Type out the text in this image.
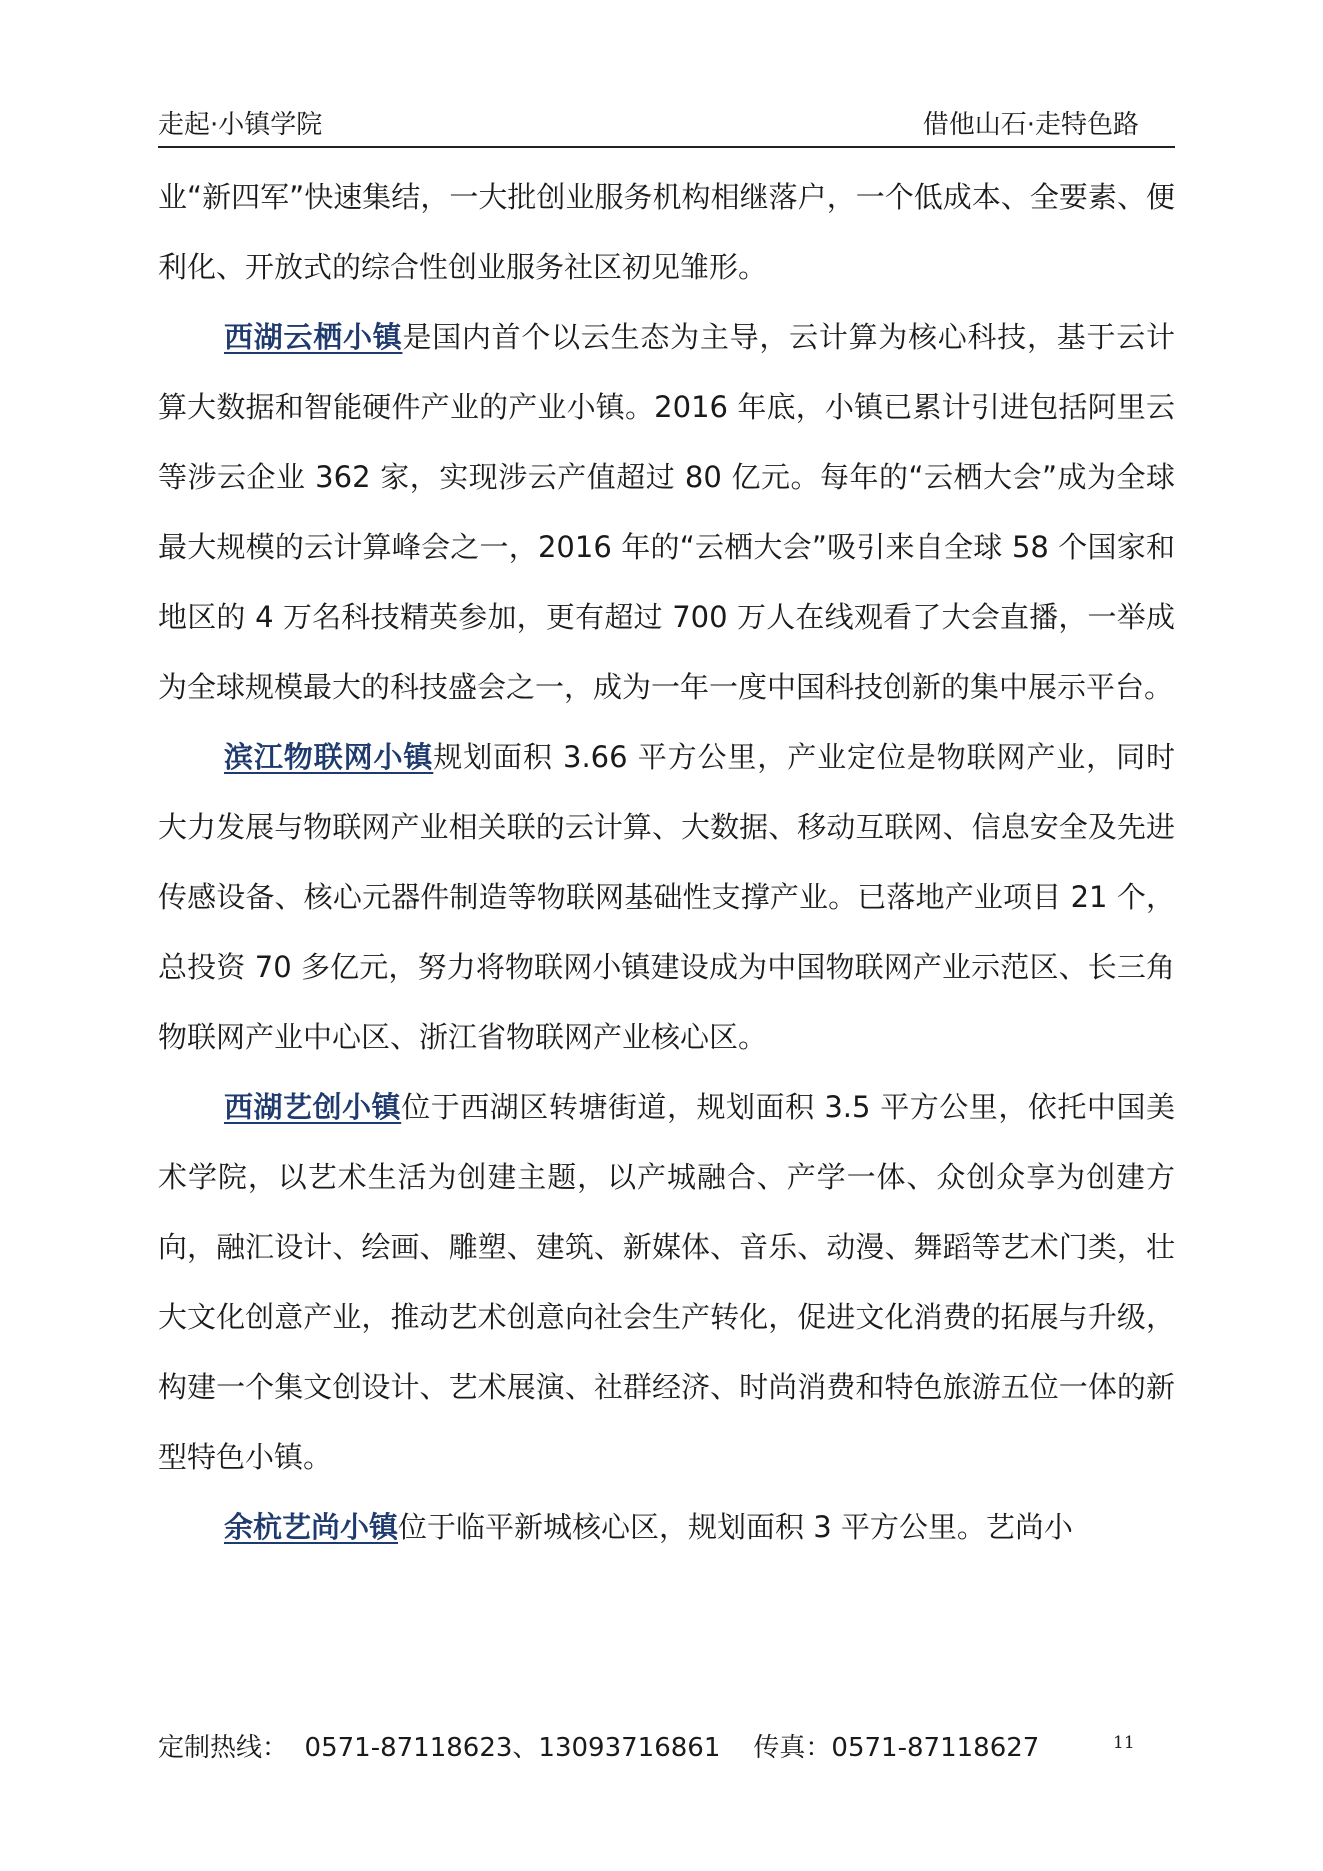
走起·小镇学院	借他山石·走特色路

业“新四军”快速集结，一大批创业服务机构相继落户，一个低成本、全要素、便利化、开放式的综合性创业服务社区初见雏形。

西湖云栖小镇是国内首个以云生态为主导，云计算为核心科技，基于云计算大数据和智能硬件产业的产业小镇。2016 年底，小镇已累计引进包括阿里云等涉云企业 362 家，实现涉云产值超过 80 亿元。每年的“云栖大会”成为全球最大规模的云计算峰会之一，2016 年的“云栖大会”吸引来自全球 58 个国家和地区的 4 万名科技精英参加，更有超过 700 万人在线观看了大会直播，一举成为全球规模最大的科技盛会之一，成为一年一度中国科技创新的集中展示平台。

滨江物联网小镇规划面积 3.66 平方公里，产业定位是物联网产业，同时大力发展与物联网产业相关联的云计算、大数据、移动互联网、信息安全及先进传感设备、核心元器件制造等物联网基础性支撑产业。已落地产业项目 21 个，总投资 70 多亿元，努力将物联网小镇建设成为中国物联网产业示范区、长三角物联网产业中心区、浙江省物联网产业核心区。

西湖艺创小镇位于西湖区转塘街道，规划面积 3.5 平方公里，依托中国美术学院，以艺术生活为创建主题，以产城融合、产学一体、众创众享为创建方向，融汇设计、绘画、雕塑、建筑、新媒体、音乐、动漫、舞蹈等艺术门类，壮大文化创意产业，推动艺术创意向社会生产转化，促进文化消费的拓展与升级，构建一个集文创设计、艺术展演、社群经济、时尚消费和特色旅游五位一体的新型特色小镇。

余杭艺尚小镇位于临平新城核心区，规划面积 3 平方公里。艺尚小

定制热线：  0571-87118623、13093716861    传真：0571-87118627	11
